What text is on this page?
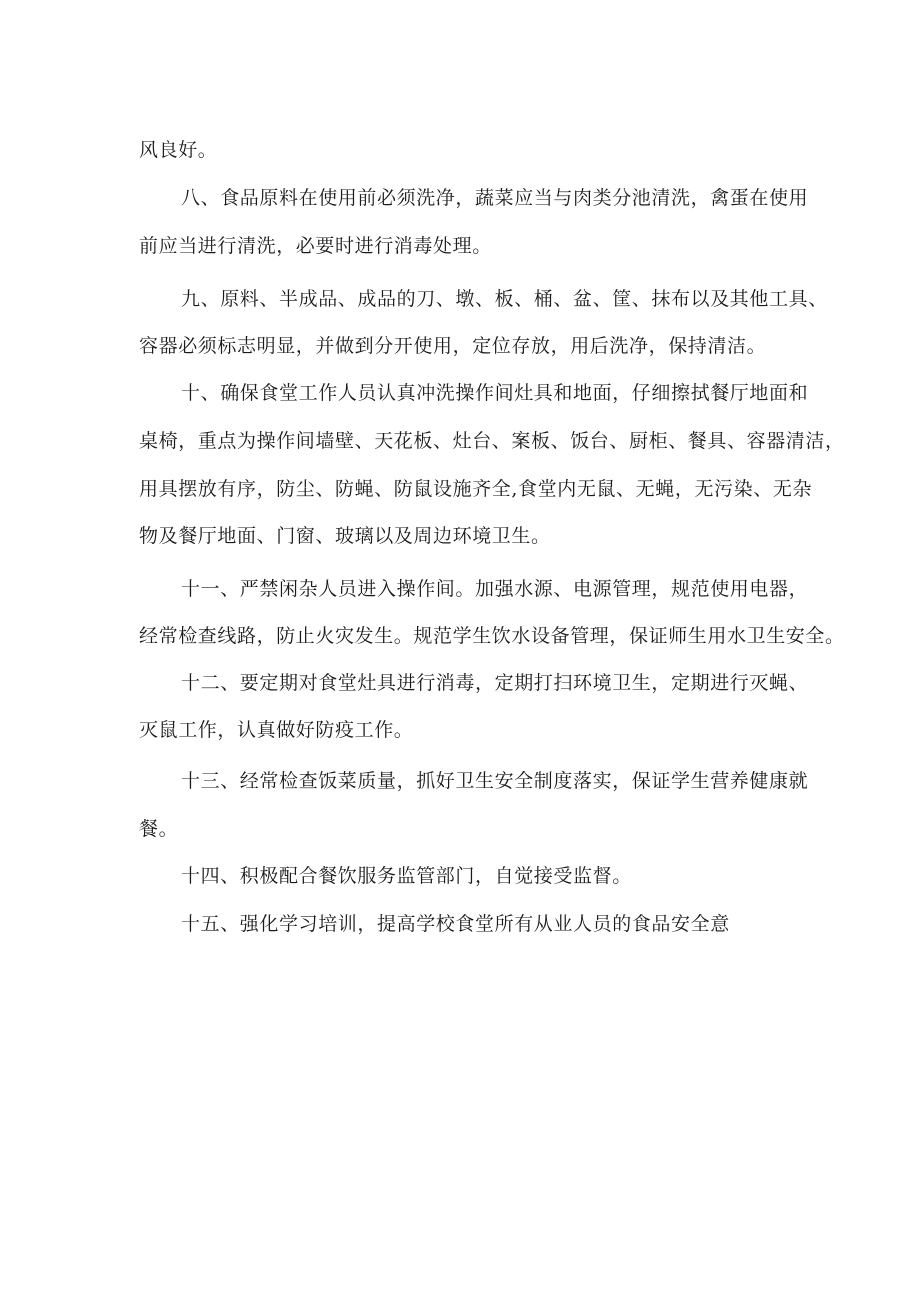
风良好。
八、食品原料在使用前必须洗净，蔬菜应当与肉类分池清洗，禽蛋在使用
前应当进行清洗，必要时进行消毒处理。
九、原料、半成品、成品的刀、墩、板、桶、盆、筐、抹布以及其他工具、
容器必须标志明显，并做到分开使用，定位存放，用后洗净，保持清洁。
十、确保食堂工作人员认真冲洗操作间灶具和地面，仔细擦拭餐厅地面和
桌椅，重点为操作间墙壁、天花板、灶台、案板、饭台、厨柜、餐具、容器清洁，
用具摆放有序，防尘、防蝇、防鼠设施齐全,食堂内无鼠、无蝇，无污染、无杂
物及餐厅地面、门窗、玻璃以及周边环境卫生。
十一、严禁闲杂人员进入操作间。加强水源、电源管理，规范使用电器，
经常检查线路，防止火灾发生。规范学生饮水设备管理，保证师生用水卫生安全。
十二、要定期对食堂灶具进行消毒，定期打扫环境卫生，定期进行灭蝇、
灭鼠工作，认真做好防疫工作。
十三、经常检查饭菜质量，抓好卫生安全制度落实，保证学生营养健康就
餐。
十四、积极配合餐饮服务监管部门，自觉接受监督。
十五、强化学习培训，提高学校食堂所有从业人员的食品安全意
